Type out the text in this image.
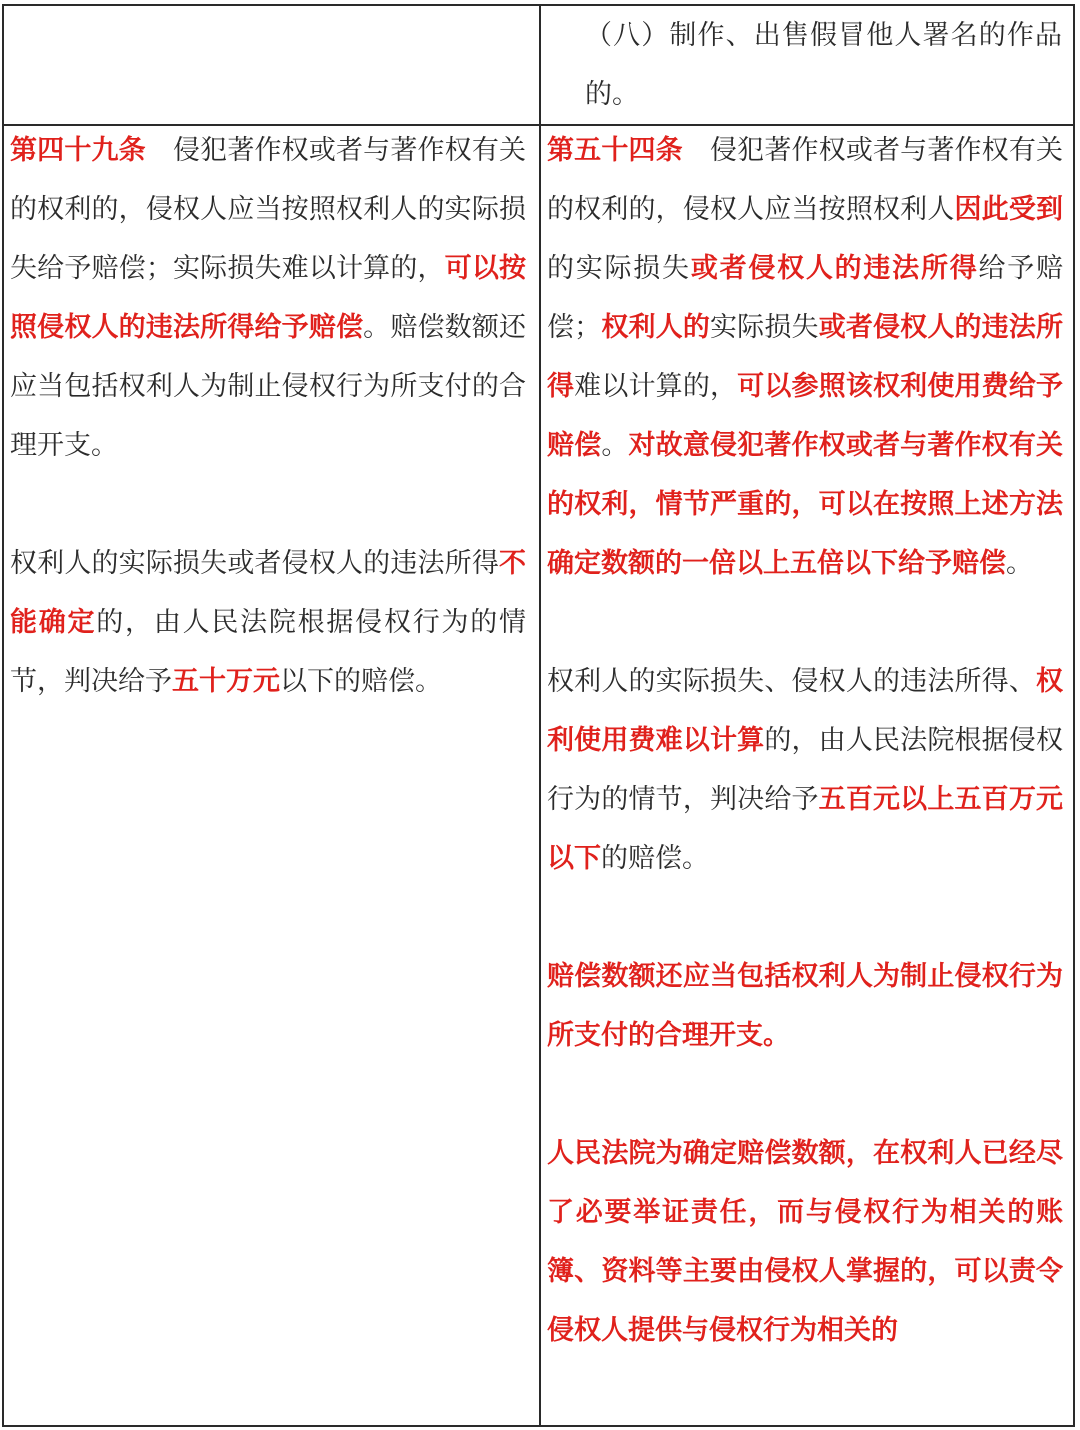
（八）制作、出售假冒他人署名的作品的。

第四十九条　侵犯著作权或者与著作权有关的权利的，侵权人应当按照权利人的实际损失给予赔偿；实际损失难以计算的，可以按照侵权人的违法所得给予赔偿。赔偿数额还应当包括权利人为制止侵权行为所支付的合理开支。

权利人的实际损失或者侵权人的违法所得不能确定的，由人民法院根据侵权行为的情节，判决给予五十万元以下的赔偿。

第五十四条　侵犯著作权或者与著作权有关的权利的，侵权人应当按照权利人因此受到的实际损失或者侵权人的违法所得给予赔偿；权利人的实际损失或者侵权人的违法所得难以计算的，可以参照该权利使用费给予赔偿。对故意侵犯著作权或者与著作权有关的权利，情节严重的，可以在按照上述方法确定数额的一倍以上五倍以下给予赔偿。

权利人的实际损失、侵权人的违法所得、权利使用费难以计算的，由人民法院根据侵权行为的情节，判决给予五百元以上五百万元以下的赔偿。

赔偿数额还应当包括权利人为制止侵权行为所支付的合理开支。

人民法院为确定赔偿数额，在权利人已经尽了必要举证责任，而与侵权行为相关的账簿、资料等主要由侵权人掌握的，可以责令侵权人提供与侵权行为相关的
